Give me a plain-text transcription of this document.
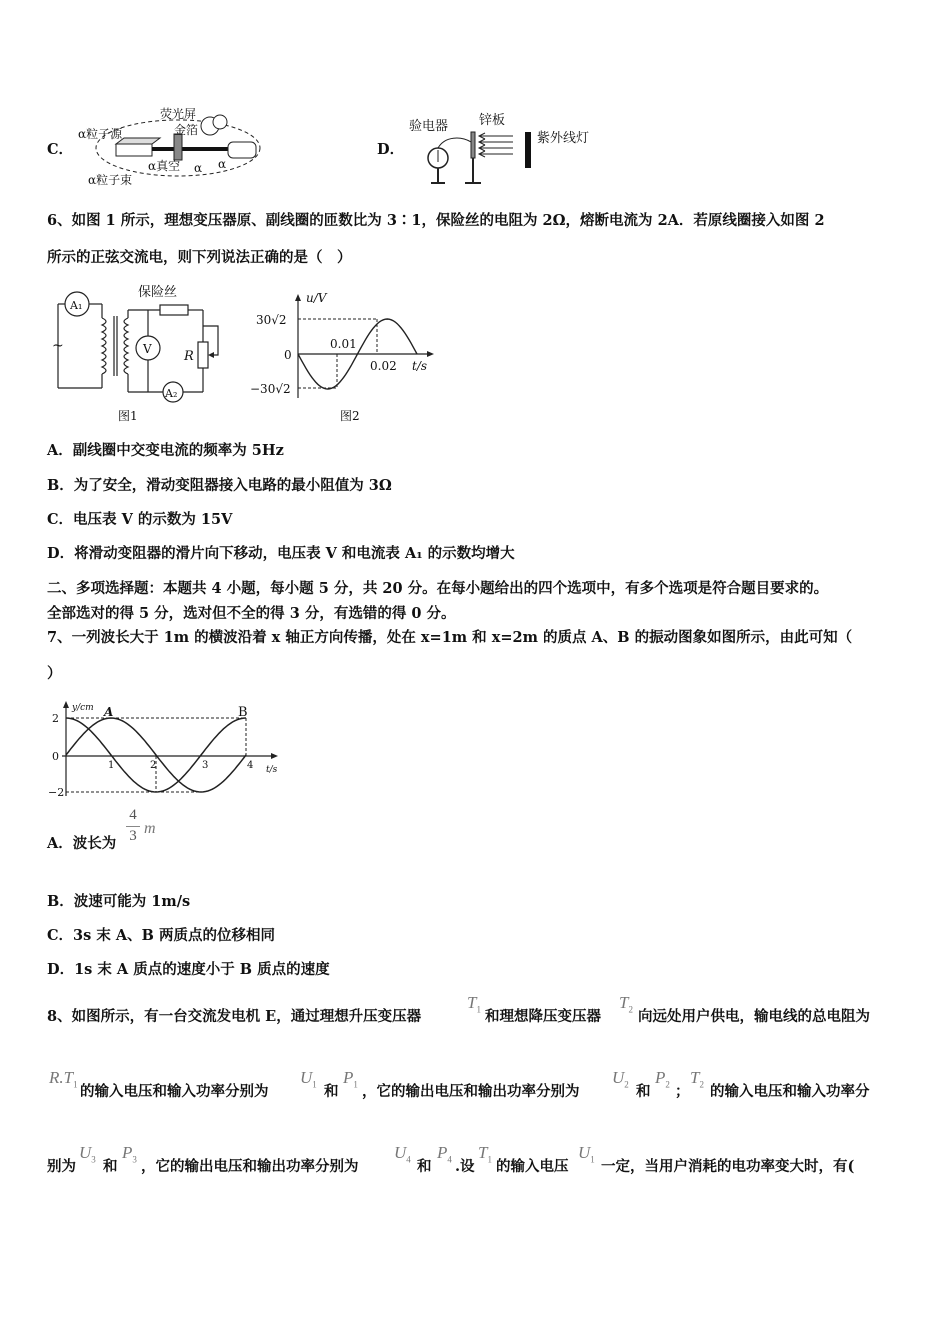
C．
荧光屏
金箔
α粒子源
α真空
α粒子束
α α
D．
验电器 锌板
紫外线灯
6、如图 1 所示，理想变压器原、副线圈的匝数比为 3∶1，保险丝的电阻为 2Ω，熔断电流为 2A．若原线圈接入如图 2
所示的正弦交流电，则下列说法正确的是（　）
A₁
V
A₂
保险丝
R
~
图1
u/V
30√2
0
−30√2
0.01
0.02 t/s
图2
A．副线圈中交变电流的频率为 5Hz
B．为了安全，滑动变阻器接入电路的最小阻值为 3Ω
C．电压表 V 的示数为 15V
D．将滑动变阻器的滑片向下移动，电压表 V 和电流表 A₁ 的示数均增大
二、多项选择题：本题共 4 小题，每小题 5 分，共 20 分。在每小题给出的四个选项中，有多个选项是符合题目要求的。
全部选对的得 5 分，选对但不全的得 3 分，有选错的得 0 分。
7、一列波长大于 1m 的横波沿着 x 轴正方向传播，处在 x=1m 和 x=2m 的质点 A、B 的振动图象如图所示，由此可知（
）
y/cm
t/s
A	B
2
0
−2
1	2	3	4
A．波长为
4
3 m
B．波速可能为 1m/s
C．3s 末 A、B 两质点的位移相同
D．1s 末 A 质点的速度小于 B 质点的速度
8、如图所示，有一台交流发电机 E，通过理想升压变压器
$T_1$ 和理想降压变压器
$T_2$ 向远处用户供电，输电线的总电阻为
$R.T_1$ 的输入电压和输入功率分别为
$U_1$ 和
$P_1$ ，它的输出电压和输出功率分别为
$U_2$ 和
$P_2$ ；
$T_2$ 的输入电压和输入功率分
别为
$U_3$ 和
$P_3$ ，它的输出电压和输出功率分别为
$U_4$ 和
$P_4$ .设
$T_1$ 的输入电压
$U_1$ 一定，当用户消耗的电功率变大时，有(
